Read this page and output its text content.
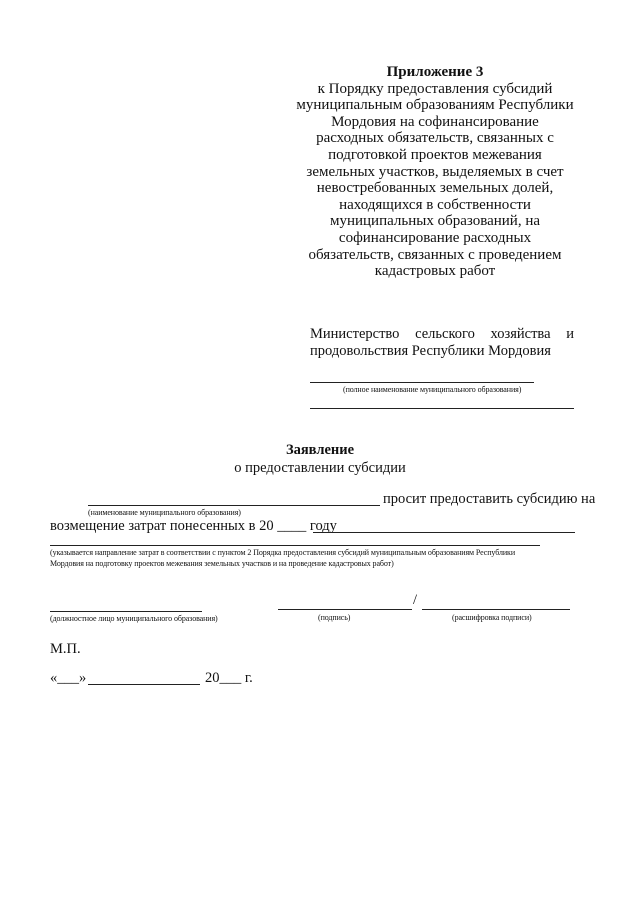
Приложение 3
к Порядку предоставления субсидий
муниципальным образованиям Республики
Мордовия на софинансирование
расходных обязательств, связанных с
подготовкой проектов межевания
земельных участков, выделяемых в счет
невостребованных земельных долей,
находящихся в собственности
муниципальных образований, на
софинансирование расходных
обязательств, связанных с проведением
кадастровых работ
Министерство сельского хозяйства и
продовольствия Республики Мордовия
(полное наименование муниципального образования)
Заявление
о предоставлении субсидии
просит предоставить субсидию на
(наименование муниципального образования)
возмещение затрат понесенных в 20 ____ году
(указывается направление затрат в соответствии с пунктом 2 Порядка предоставления субсидий муниципальным образованиям Республики
Мордовия на подготовку проектов межевания земельных участков и на проведение кадастровых работ)
(должностное лицо муниципального образования)
/
(подпись)	(расшифровка подписи)
М.П.
«___»	20___ г.
